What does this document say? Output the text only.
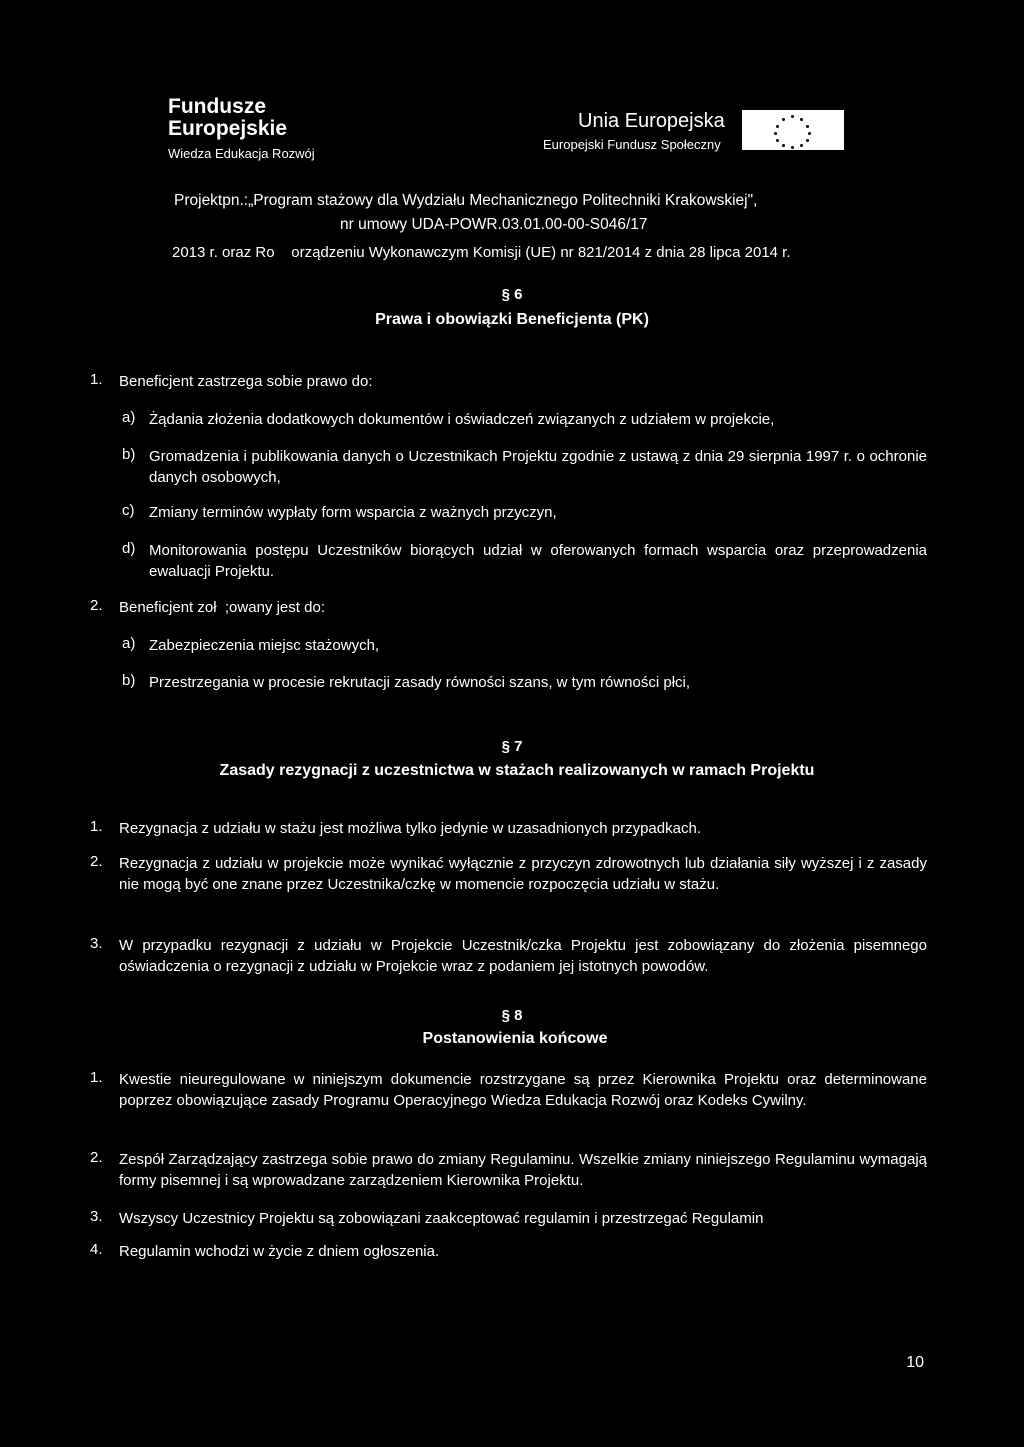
Fundusze
Europejskie
Wiedza Edukacja Rozwój
Unia Europejska
Europejski Fundusz Społeczny
Projektpn.:„Program stażowy dla Wydziału Mechanicznego Politechniki Krakowskiej",
nr umowy UDA-POWR.03.01.00-00-S046/17
2013 r. oraz Ro    orządzeniu Wykonawczym Komisji (UE) nr 821/2014 z dnia 28 lipca 2014 r.
§ 6
Prawa i obowiązki Beneficjenta (PK)
1. Beneficjent zastrzega sobie prawo do:
a) Żądania złożenia dodatkowych dokumentów i oświadczeń związanych z udziałem w projekcie,
b) Gromadzenia i publikowania danych o Uczestnikach Projektu zgodnie z ustawą z dnia 29 sierpnia 1997 r. o ochronie danych osobowych,
c) Zmiany terminów wypłaty form wsparcia z ważnych przyczyn,
d) Monitorowania postępu Uczestników biorących udział w oferowanych formach wsparcia oraz przeprowadzenia ewaluacji Projektu.
2. Beneficjent zoł  ;owany jest do:
a) Zabezpieczenia miejsc stażowych,
b) Przestrzegania w procesie rekrutacji zasady równości szans, w tym równości płci,
§ 7
Zasady rezygnacji z uczestnictwa w stażach realizowanych w ramach Projektu
1. Rezygnacja z udziału w stażu jest możliwa tylko jedynie w uzasadnionych przypadkach.
2. Rezygnacja z udziału w projekcie może wynikać wyłącznie z przyczyn zdrowotnych lub działania siły wyższej i z zasady nie mogą być one znane przez Uczestnika/czkę w momencie rozpoczęcia udziału w stażu.
3. W przypadku rezygnacji z udziału w Projekcie Uczestnik/czka Projektu jest zobowiązany do złożenia pisemnego oświadczenia o rezygnacji z udziału w Projekcie wraz z podaniem jej istotnych powodów.
§ 8
Postanowienia końcowe
1. Kwestie nieuregulowane w niniejszym dokumencie rozstrzygane są przez Kierownika Projektu oraz determinowane poprzez obowiązujące zasady Programu Operacyjnego Wiedza Edukacja Rozwój oraz Kodeks Cywilny.
2. Zespół Zarządzający zastrzega sobie prawo do zmiany Regulaminu. Wszelkie zmiany niniejszego Regulaminu wymagają formy pisemnej i są wprowadzane zarządzeniem Kierownika Projektu.
3. Wszyscy Uczestnicy Projektu są zobowiązani zaakceptować regulamin i przestrzegać Regulamin
4. Regulamin wchodzi w życie z dniem ogłoszenia.
10
